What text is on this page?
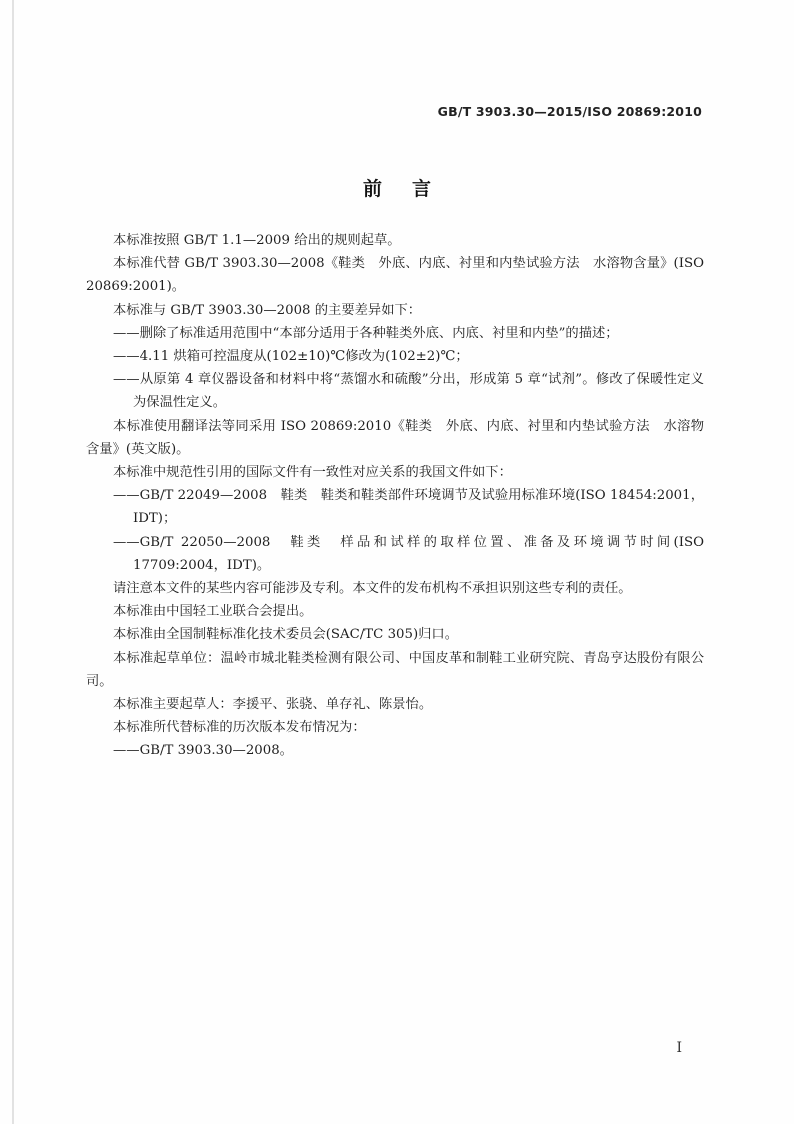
GB/T 3903.30—2015/ISO 20869:2010
前言

本标准按照 GB/T 1.1—2009 给出的规则起草。

本标准代替 GB/T 3903.30—2008《鞋类　外底、内底、衬里和内垫试验方法　水溶物含量》(ISO 20869:2001)。

本标准与 GB/T 3903.30—2008 的主要差异如下：

——删除了标准适用范围中“本部分适用于各种鞋类外底、内底、衬里和内垫”的描述；

——4.11 烘箱可控温度从(102±10)℃修改为(102±2)℃；

——从原第 4 章仪器设备和材料中将“蒸馏水和硫酸”分出，形成第 5 章“试剂”。修改了保暖性定义为保温性定义。

本标准使用翻译法等同采用 ISO 20869:2010《鞋类　外底、内底、衬里和内垫试验方法　水溶物含量》(英文版)。

本标准中规范性引用的国际文件有一致性对应关系的我国文件如下：

——GB/T 22049—2008　鞋类　鞋类和鞋类部件环境调节及试验用标准环境(ISO 18454:2001，IDT)；

——GB/T 22050—2008　鞋类　样品和试样的取样位置、准备及环境调节时间(ISO 17709:2004，IDT)。

请注意本文件的某些内容可能涉及专利。本文件的发布机构不承担识别这些专利的责任。

本标准由中国轻工业联合会提出。

本标准由全国制鞋标准化技术委员会(SAC/TC 305)归口。

本标准起草单位：温岭市城北鞋类检测有限公司、中国皮革和制鞋工业研究院、青岛亨达股份有限公司。

本标准主要起草人：李援平、张骁、单存礼、陈景怡。

本标准所代替标准的历次版本发布情况为：

——GB/T 3903.30—2008。

I
